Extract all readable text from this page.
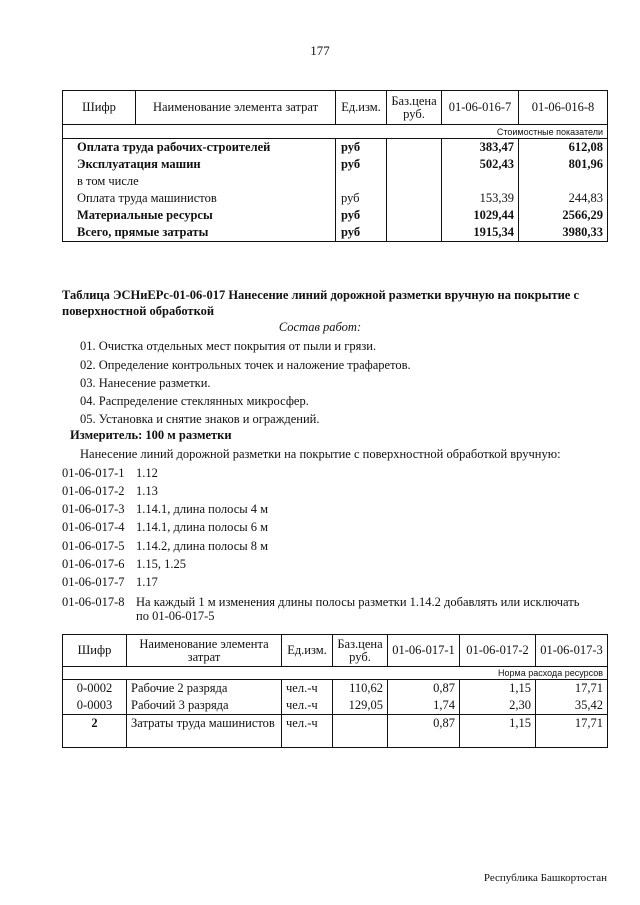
177
Шифр	Наименование элемента затрат	Ед.изм.	Баз.цена руб.	01-06-016-7	01-06-016-8
Стоимостные показатели					
Оплата труда рабочих-строителей		руб		383,47	612,08
Эксплуатация машин		руб		502,43	801,96
в том числе					
Оплата труда машинистов		руб		153,39	244,83
Материальные ресурсы		руб		1029,44	2566,29
Всего, прямые затраты		руб		1915,34	3980,33
Таблица ЭСНиЕРс-01-06-017 Нанесение линий дорожной разметки вручную на покрытие с поверхностной обработкой
Состав работ:
01. Очистка отдельных мест покрытия от пыли и грязи.
02. Определение контрольных точек и наложение трафаретов.
03. Нанесение разметки.
04. Распределение стеклянных микросфер.
05. Установка и снятие знаков и ограждений.
Измеритель: 100 м разметки
Нанесение линий дорожной разметки на покрытие с поверхностной обработкой вручную:
01-06-017-1 1.12
01-06-017-2 1.13
01-06-017-3 1.14.1, длина полосы 4 м
01-06-017-4 1.14.1, длина полосы 6 м
01-06-017-5 1.14.2, длина полосы 8 м
01-06-017-6 1.15, 1.25
01-06-017-7 1.17
01-06-017-8 На каждый 1 м изменения длины полосы разметки 1.14.2 добавлять или исключать
по 01-06-017-5
Шифр	Наименование элемента затрат	Ед.изм.	Баз.цена руб.	01-06-017-1	01-06-017-2	01-06-017-3
Норма расхода ресурсов						
0-0002	Рабочие 2 разряда	чел.-ч	110,62	0,87	1,15	17,71
0-0003	Рабочий 3 разряда	чел.-ч	129,05	1,74	2,30	35,42
2	Затраты труда машинистов	чел.-ч		0,87	1,15	17,71
Республика Башкортостан
